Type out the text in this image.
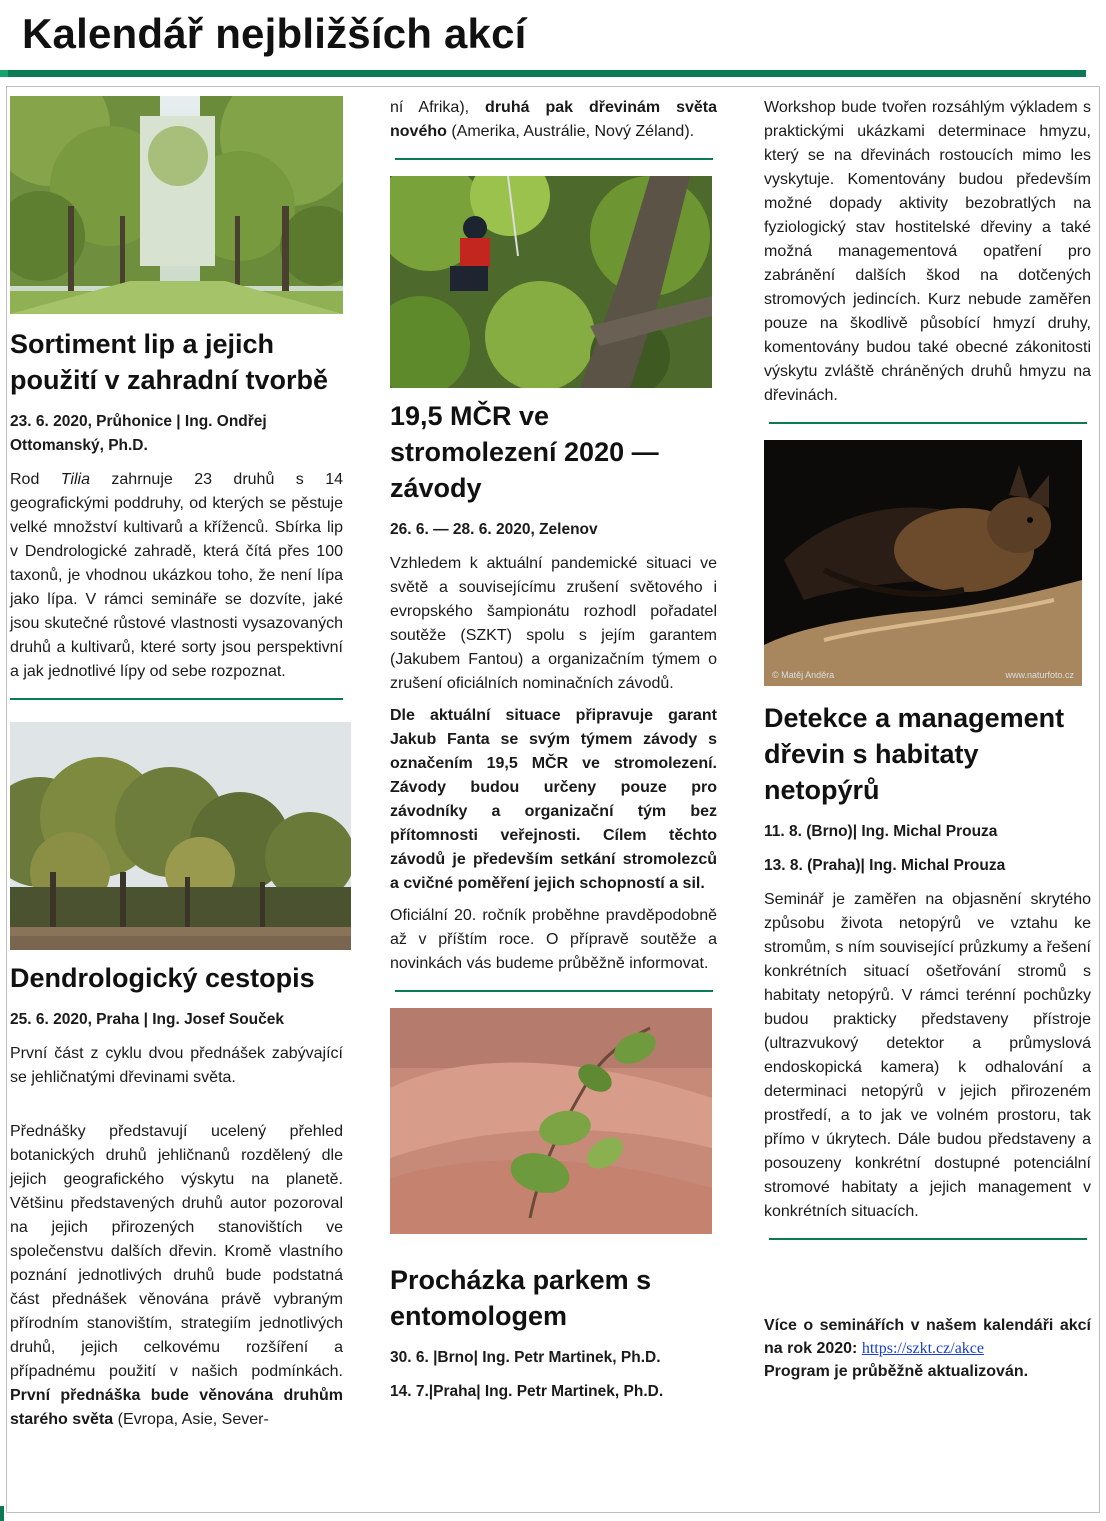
Kalendář nejbližších akcí
Sortiment lip a jejich použití v zahradní tvorbě
23. 6. 2020, Průhonice | Ing. Ondřej Ottomanský, Ph.D.

Rod Tilia zahrnuje 23 druhů s 14 geografickými poddruhy, od kterých se pěstuje velké množství kultivarů a kříženců. Sbírka lip v Dendrologické zahradě, která čítá přes 100 taxonů, je vhodnou ukázkou toho, že není lípa jako lípa. V rámci semináře se dozvíte, jaké jsou skutečné růstové vlastnosti vysazovaných druhů a kultivarů, které sorty jsou perspektivní a jak jednotlivé lípy od sebe rozpoznat.

Dendrologický cestopis
25. 6. 2020, Praha | Ing. Josef Souček

První část z cyklu dvou přednášek zabývající se jehličnatými dřevinami světa.

Přednášky představují ucelený přehled botanických druhů jehličnanů rozdělený dle jejich geografického výskytu na planetě. Většinu představených druhů autor pozoroval na jejich přirozených stanovištích ve společenstvu dalších dřevin. Kromě vlastního poznání jednotlivých druhů bude podstatná část přednášek věnována právě vybraným přírodním stanovištím, strategiím jednotlivých druhů, jejich celkovému rozšíření a případnému použití v našich podmínkách. První přednáška bude věnována druhům starého světa (Evropa, Asie, Sever-

ní Afrika), druhá pak dřevinám světa nového (Amerika, Austrálie, Nový Zéland).

19,5 MČR ve stromolezení 2020 — závody
26. 6. — 28. 6. 2020, Zelenov

Vzhledem k aktuální pandemické situaci ve světě a souvisejícímu zrušení světového i evropského šampionátu rozhodl pořadatel soutěže (SZKT) spolu s jejím garantem (Jakubem Fantou) a organizačním týmem o zrušení oficiálních nominačních závodů.

Dle aktuální situace připravuje garant Jakub Fanta se svým týmem závody s označením 19,5 MČR ve stromolezení. Závody budou určeny pouze pro závodníky a organizační tým bez přítomnosti veřejnosti. Cílem těchto závodů je především setkání stromolezců a cvičné poměření jejich schopností a sil.

Oficiální 20. ročník proběhne pravděpodobně až v příštím roce. O přípravě soutěže a novinkách vás budeme průběžně informovat.

Procházka parkem s entomologem
30. 6. |Brno| Ing. Petr Martinek, Ph.D.
14. 7.|Praha| Ing. Petr Martinek, Ph.D.

Workshop bude tvořen rozsáhlým výkladem s praktickými ukázkami determinace hmyzu, který se na dřevinách rostoucích mimo les vyskytuje. Komentovány budou především možné dopady aktivity bezobratlých na fyziologický stav hostitelské dřeviny a také možná managementová opatření pro zabránění dalších škod na dotčených stromových jedincích. Kurz nebude zaměřen pouze na škodlivě působící hmyzí druhy, komentovány budou také obecné zákonitosti výskytu zvláště chráněných druhů hmyzu na dřevinách.

© Matěj Anděra	www.naturfoto.cz
Detekce a management dřevin s habitaty netopýrů
11. 8. (Brno)| Ing. Michal Prouza
13. 8. (Praha)| Ing. Michal Prouza

Seminář je zaměřen na objasnění skrytého způsobu života netopýrů ve vztahu ke stromům, s ním související průzkumy a řešení konkrétních situací ošetřování stromů s habitaty netopýrů. V rámci terénní pochůzky budou prakticky představeny přístroje (ultrazvukový detektor a průmyslová endoskopická kamera) k odhalování a determinaci netopýrů v jejich přirozeném prostředí, a to jak ve volném prostoru, tak přímo v úkrytech. Dále budou představeny a posouzeny konkrétní dostupné potenciální stromové habitaty a jejich management v konkrétních situacích.

Více o seminářích v našem kalendáři akcí na rok 2020: https://szkt.cz/akce
Program je průběžně aktualizován.
